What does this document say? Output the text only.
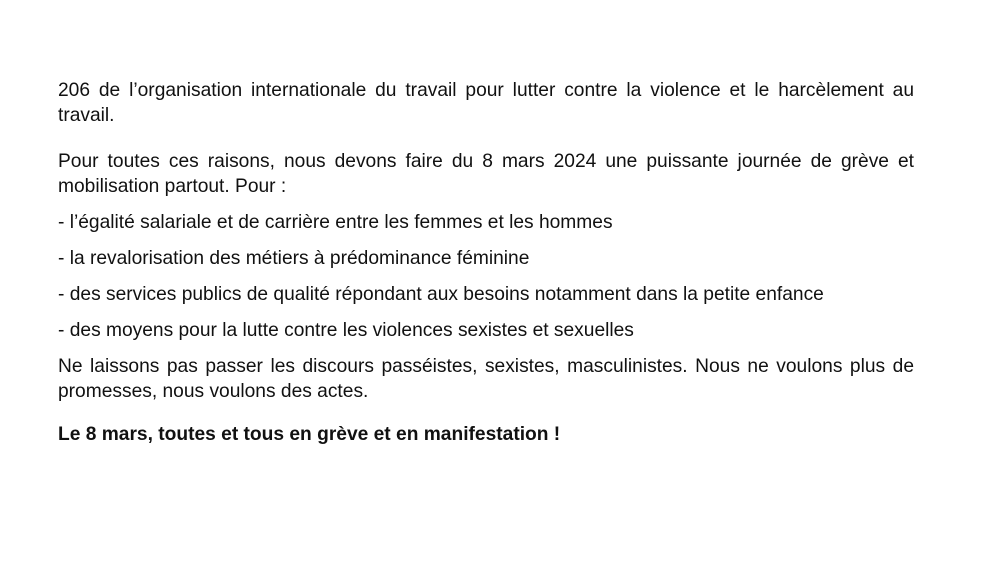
206 de l’organisation internationale du travail pour lutter contre la violence et le harcèlement au travail.

Pour toutes ces raisons, nous devons faire du 8 mars 2024 une puissante journée de grève et mobilisation partout. Pour :

- l’égalité salariale et de carrière entre les femmes et les hommes

- la revalorisation des métiers à prédominance féminine

- des services publics de qualité répondant aux besoins notamment dans la petite enfance

- des moyens pour la lutte contre les violences sexistes et sexuelles

Ne laissons pas passer les discours passéistes, sexistes, masculinistes. Nous ne voulons plus de promesses, nous voulons des actes.

Le 8 mars, toutes et tous en grève et en manifestation !
